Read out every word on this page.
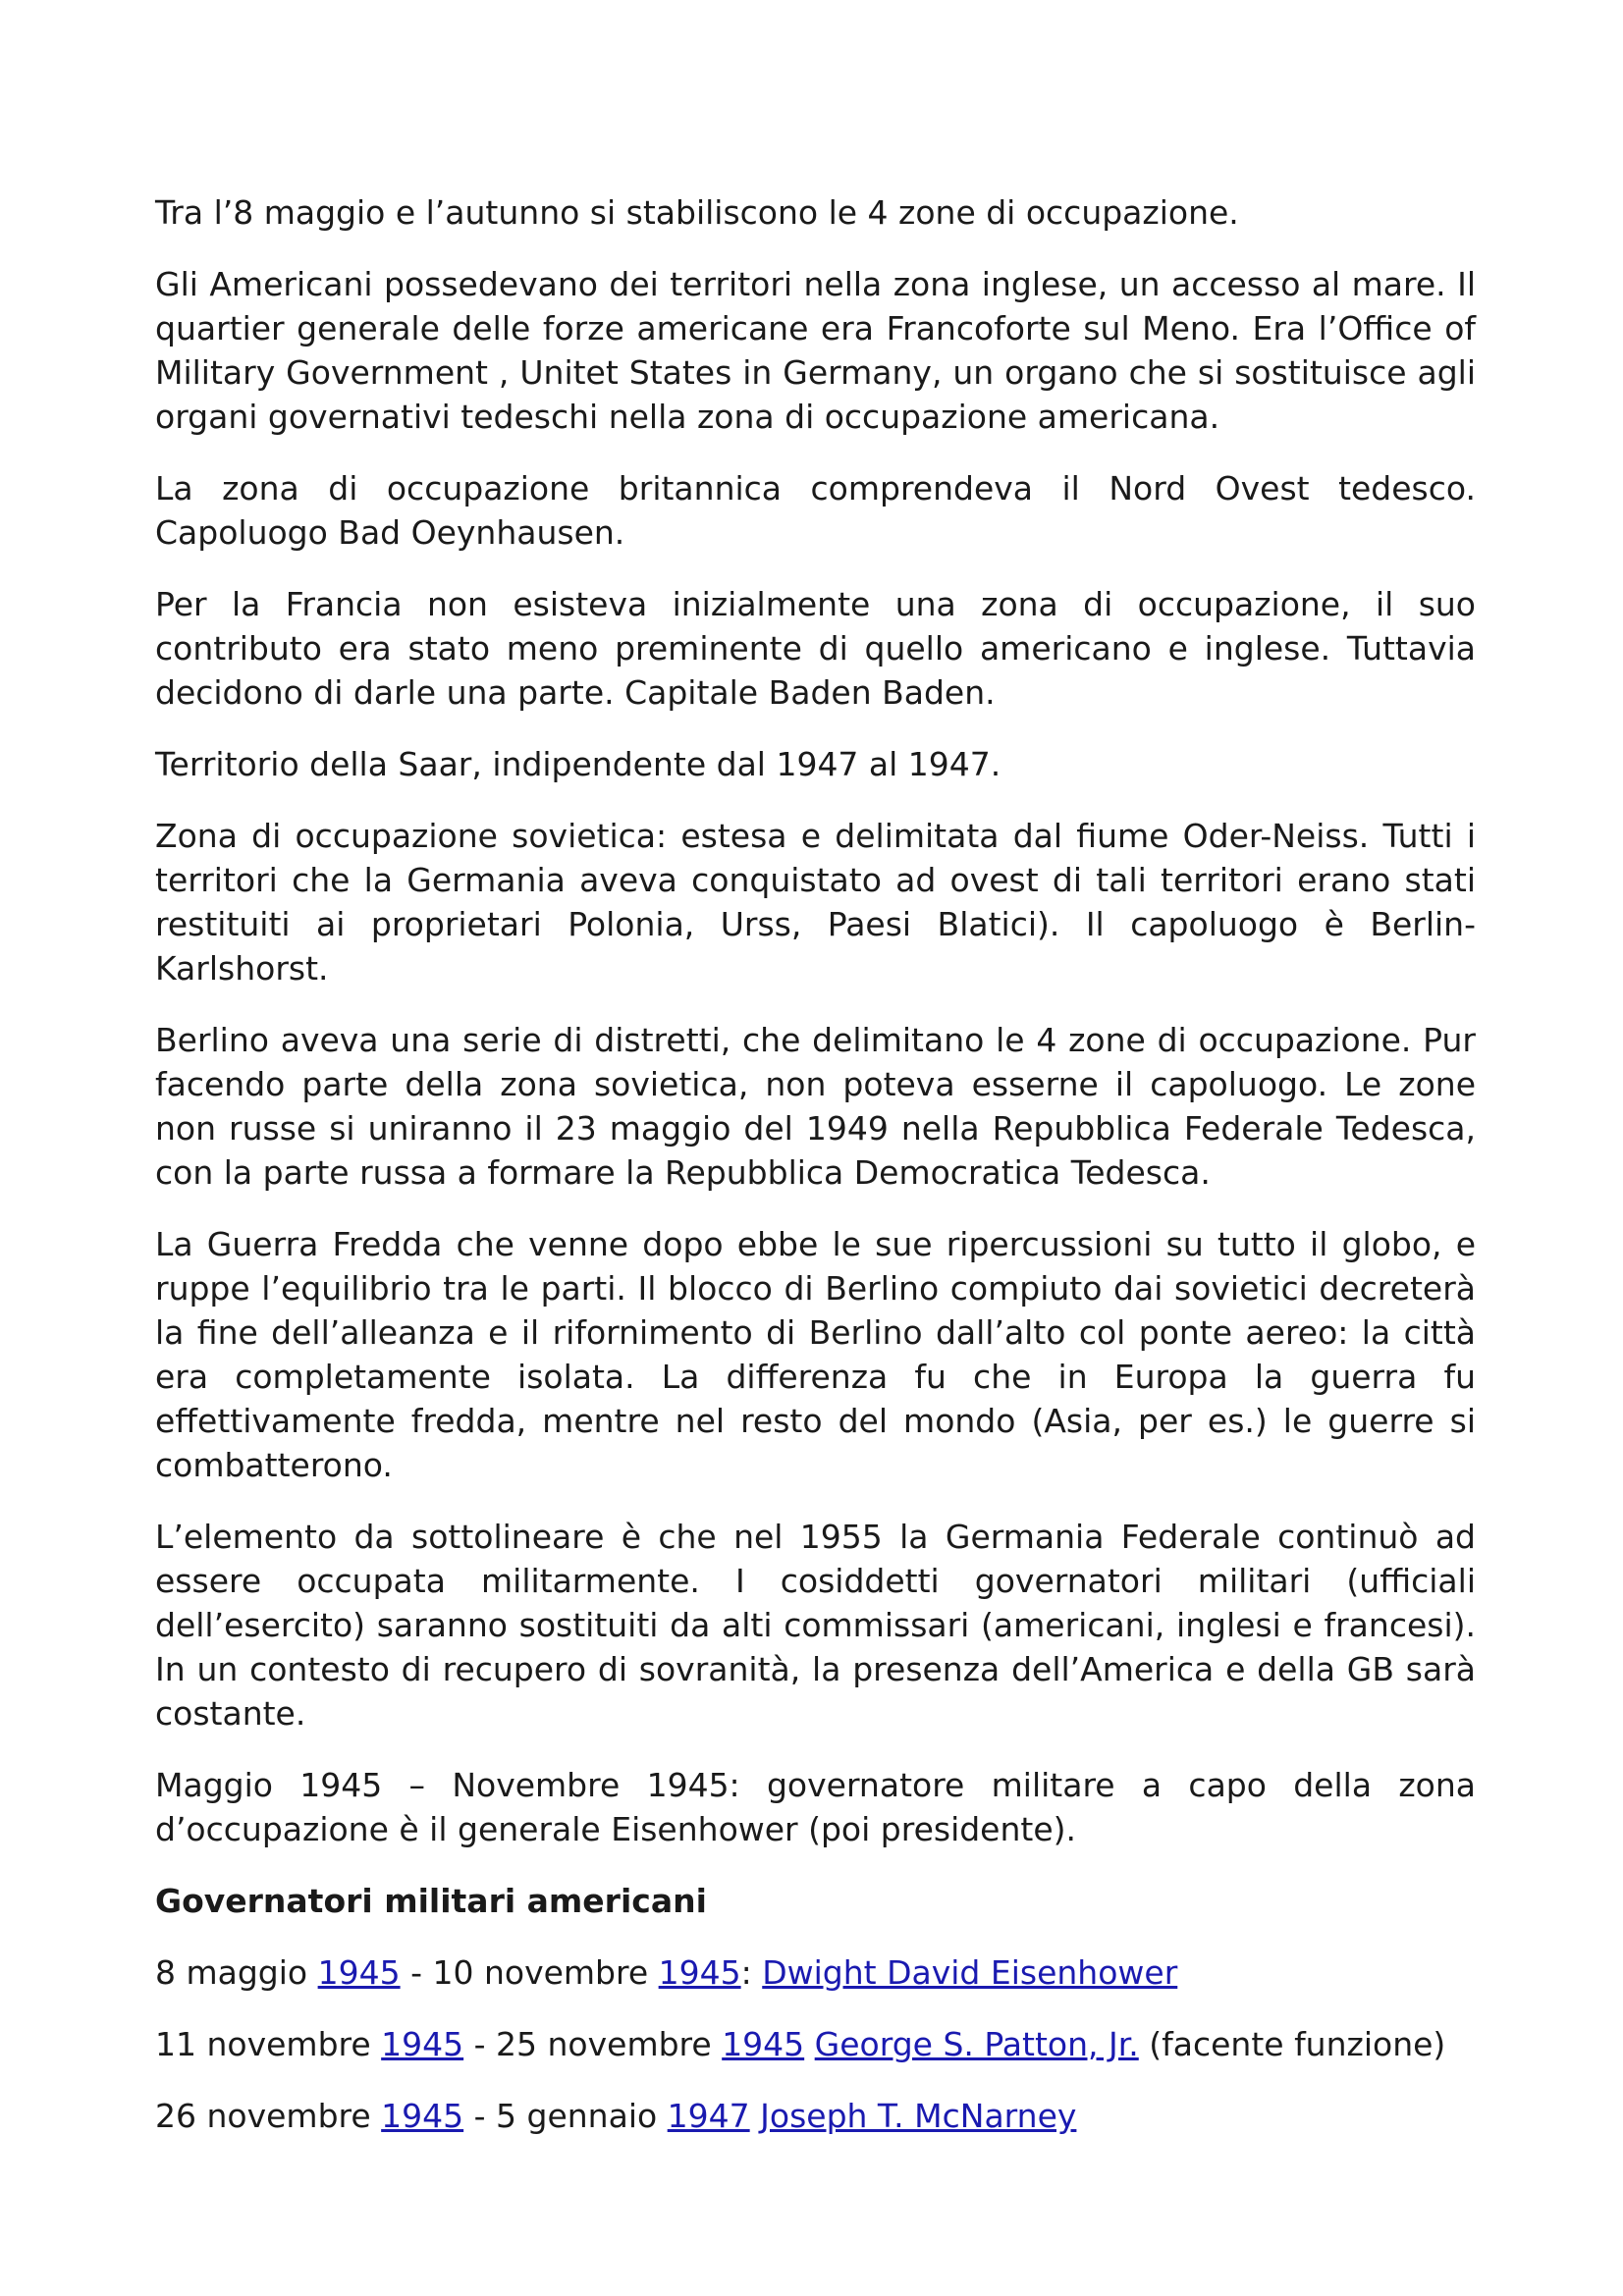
Tra l’8 maggio e l’autunno si stabiliscono le 4 zone di occupazione.

Gli Americani possedevano dei territori nella zona inglese, un accesso al mare. Il quartier generale delle forze americane era Francoforte sul Meno. Era l’Office of Military Government , Unitet States in Germany, un organo che si sostituisce agli organi governativi tedeschi nella zona di occupazione americana.

La zona di occupazione britannica comprendeva il Nord Ovest tedesco. Capoluogo Bad Oeynhausen.

Per la Francia non esisteva inizialmente una zona di occupazione, il suo contributo era stato meno preminente di quello americano e inglese. Tuttavia decidono di darle una parte. Capitale Baden Baden.

Territorio della Saar, indipendente dal 1947 al 1947.

Zona di occupazione sovietica: estesa e delimitata dal fiume Oder-Neiss. Tutti i territori che la Germania aveva conquistato ad ovest di tali territori erano stati restituiti ai proprietari Polonia, Urss, Paesi Blatici). Il capoluogo è Berlin-Karlshorst.

Berlino aveva una serie di distretti, che delimitano le 4 zone di occupazione. Pur facendo parte della zona sovietica, non poteva esserne il capoluogo. Le zone non russe si uniranno il 23 maggio del 1949 nella Repubblica Federale Tedesca, con la parte russa a formare la Repubblica Democratica Tedesca.

La Guerra Fredda che venne dopo ebbe le sue ripercussioni su tutto il globo, e ruppe l’equilibrio tra le parti. Il blocco di Berlino compiuto dai sovietici decreterà la fine dell’alleanza e il rifornimento di Berlino dall’alto col ponte aereo: la città era completamente isolata. La differenza fu che in Europa la guerra fu effettivamente fredda, mentre nel resto del mondo (Asia, per es.) le guerre si combatterono.

L’elemento da sottolineare è che nel 1955 la Germania Federale continuò ad essere occupata militarmente. I cosiddetti governatori militari (ufficiali dell’esercito) saranno sostituiti da alti commissari (americani, inglesi e francesi). In un contesto di recupero di sovranità, la presenza dell’America e della GB sarà costante.

Maggio 1945 – Novembre 1945: governatore militare a capo della zona d’occupazione è il generale Eisenhower (poi presidente).

Governatori militari americani

8 maggio 1945 - 10 novembre 1945: Dwight David Eisenhower
11 novembre 1945 - 25 novembre 1945 George S. Patton, Jr. (facente funzione)
26 novembre 1945 - 5 gennaio 1947 Joseph T. McNarney
